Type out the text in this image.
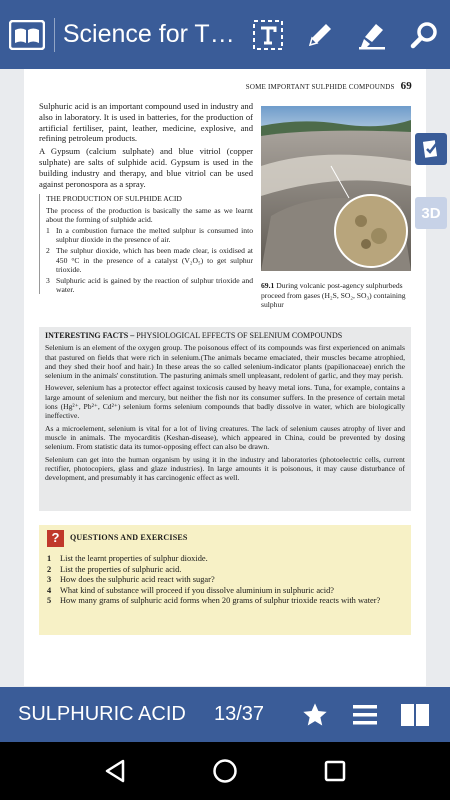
Science for T…
SOME IMPORTANT SULPHIDE COMPOUNDS 69

Sulphuric acid is an important compound used in industry and also in laboratory. It is used in batteries, for the production of artificial fertiliser, paint, leather, medicine, explosive, and refining petroleum products.

A Gypsum (calcium sulphate) and blue vitriol (copper sulphate) are salts of sulphide acid. Gypsum is used in the building industry and therapy, and blue vitriol can be used against peronospora as a spray.

THE PRODUCTION OF SULPHIDE ACID
The process of the production is basically the same as we learnt about the forming of sulphide acid.
1 In a combustion furnace the melted sulphur is consumed into sulphur dioxide in the presence of air.
2 The sulphur dioxide, which has been made clear, is oxidised at 450 °C in the presence of a catalyst (V₂O₅) to get sulphur trioxide.
3 Sulphuric acid is gained by the reaction of sulphur trioxide and water.	69.1 During volcanic post-agency sulphurbeds proceed from gases (H₂S, SO₂, SO₃) containing sulphur
INTERESTING FACTS – PHYSIOLOGICAL EFFECTS OF SELENIUM COMPOUNDS

Selenium is an element of the oxygen group. The poisonous effect of its compounds was first experienced on animals that pastured on fields that were rich in selenium.(The animals became emaciated, their muscles became atrophied, and they shed their hoof and hair.) In these areas the so called selenium-indicator plants (papilionaceae) enrich the selenium in the animals' constitution. The pasturing animals smell unpleasant, redolent of garlic, and they may perish.

However, selenium has a protector effect against toxicosis caused by heavy metal ions. Tuna, for example, contains a large amount of selenium and mercury, but neither the fish nor its consumer suffers. In the presence of certain metal ions (Hg²⁺, Pb²⁺, Cd²⁺) selenium forms selenium compounds that badly dissolve in water, which are biologically ineffective.

As a microelement, selenium is vital for a lot of living creatures. The lack of selenium causes atrophy of liver and muscle in animals. The myocarditis (Keshan-disease), which appeared in China, could be prevented by dosing selenium. From statistic data its tumor-opposing effect can also be drawn.

Selenium can get into the human organism by using it in the industry and laboratories (photoelectric cells, current rectifier, photocopiers, glass and glaze industries). In large amounts it is poisonous, it may cause disturbance of development, and presumably it has carcinogenic effect as well.

?	QUESTIONS AND EXERCISES
1	List the learnt properties of sulphur dioxide.
2	List the properties of sulphuric acid.
3	How does the sulphuric acid react with sugar?
4	What kind of substance will proceed if you dissolve aluminium in sulphuric acid?
5	How many grams of sulphuric acid forms when 20 grams of sulphur trioxide reacts with water?
3D
SULPHURIC ACID	13/37
